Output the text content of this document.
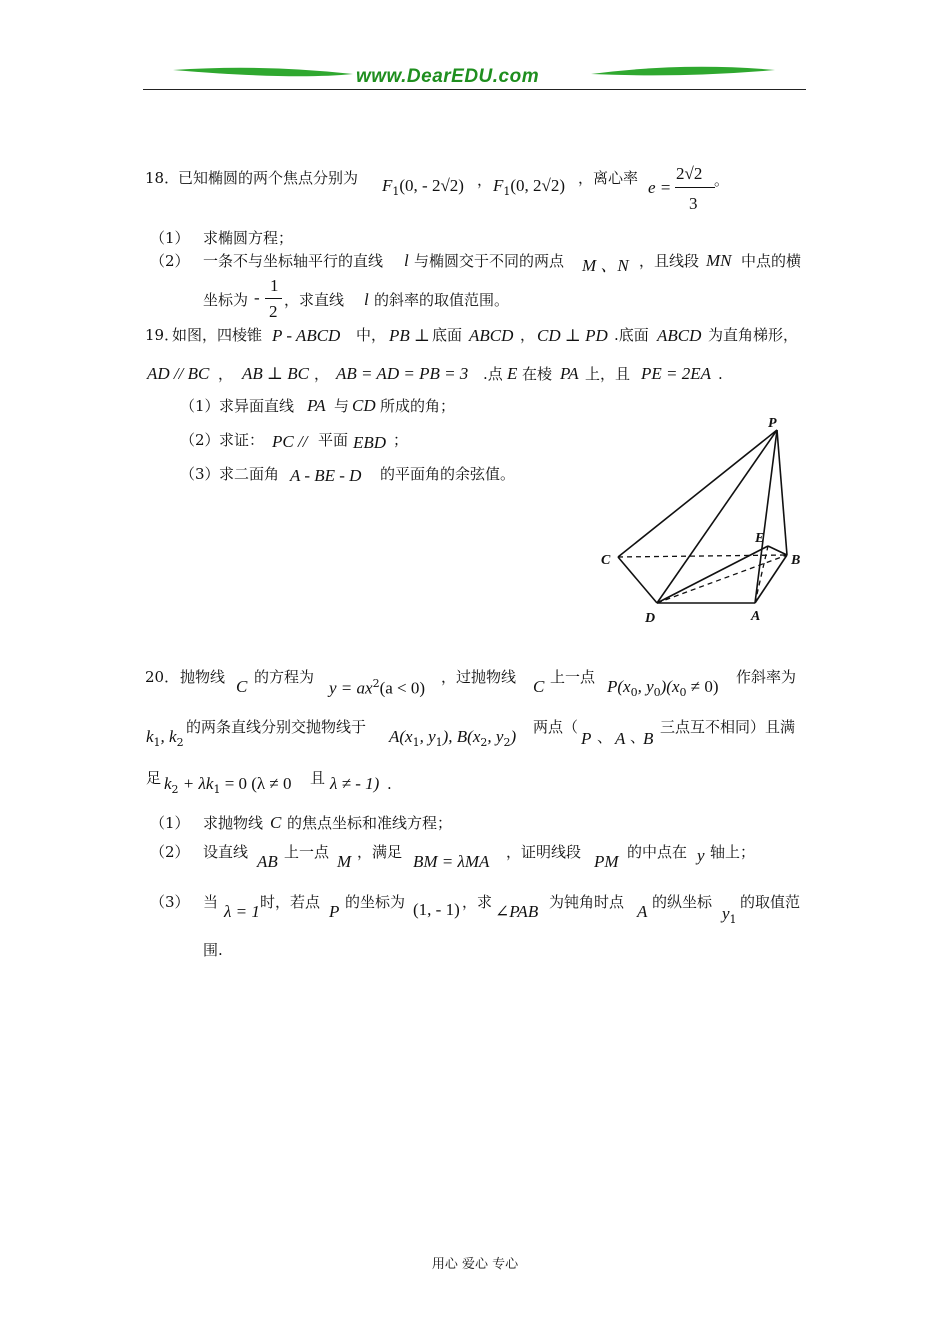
www.DearEDU.com
18．
已知椭圆的两个焦点分别为 $F_1(0$, - 2√2) ， $F_1(0$, 2√2) ，离心率 e =
2√2
3
。
（1） 求椭圆方程；
（2） 一条不与坐标轴平行的直线 l 与椭圆交于不同的两点 M 、N ，且线段 MN 中点的横
坐标为 -
1
2
，求直线 l 的斜率的取值范围。
19．
如图，四棱锥 P - ABCD 中， PB ⊥ 底面 ABCD ， CD ⊥ PD .底面 ABCD 为直角梯形，
AD // BC ， AB ⊥ BC ， AB = AD = PB = 3 .点 E 在棱 PA 上，且 PE = 2EA .
（1） 求异面直线 PA 与 CD 所成的角；
（2） 求证： PC // 平面 EBD ；
（3） 求二面角 A - BE - D 的平面角的余弦值。
P
E
B
C
D	A
20． 抛物线 C 的方程为
$y = ax^2(a < 0)$
，过抛物线 C 上一点 $P(x_0$, $y_0)(x_0 \ne 0)$ 作斜率为
$k_1$, $k_2$
的两条直线分别交抛物线于 $A(x_1$, $y_1$), $B(x_2$, $y_2$) 两点（
P 、 A 、
B
三点互不相同）且满
足 $k_2 + \lambda k_1 = 0$ (λ ≠ 0 且 λ ≠ - 1) .
（1） 求抛物线 C 的焦点坐标和准线方程；
（2） 设直线 AB 上一点 M ，满足 BM = λMA ，证明线段 PM 的中点在 y 轴上；
（3） 当 λ = 1 时，若点 P 的坐标为 (1, - 1) ，求 ∠PAB 为钝角时点 A 的纵坐标
$y_1$
的取值范
围.
用心 爱心 专心
